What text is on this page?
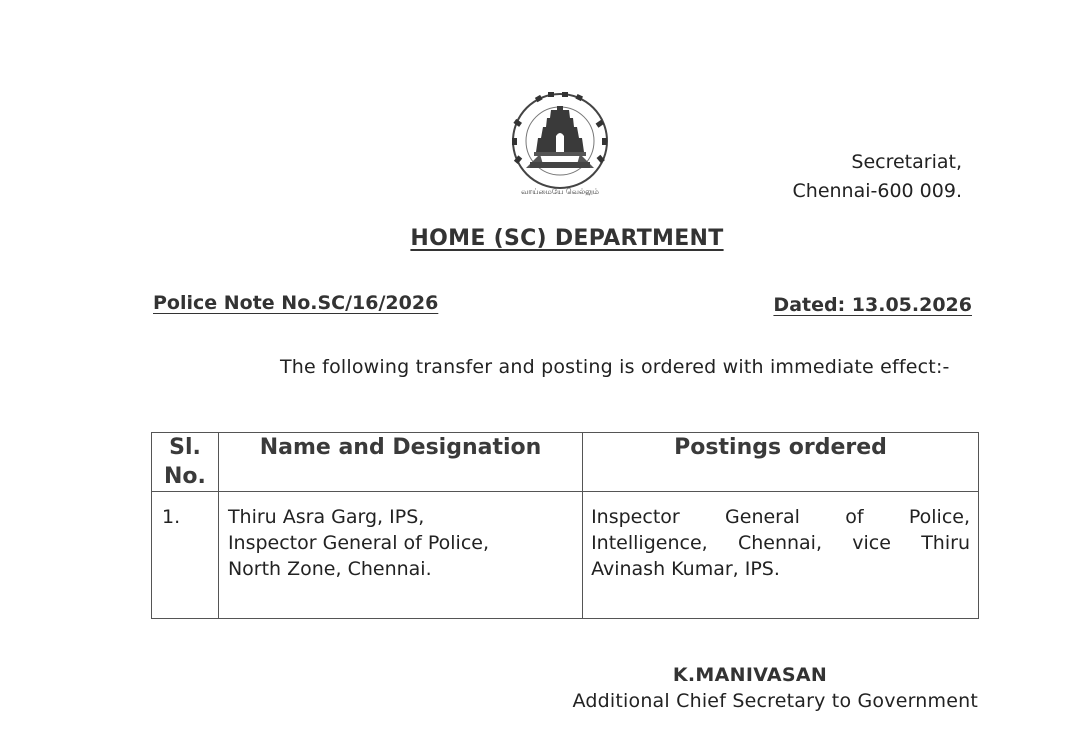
வாய்மையே வெல்லும்
Secretariat,
Chennai-600 009.
HOME (SC) DEPARTMENT
Police Note No.SC/16/2026	Dated: 13.05.2026
The following transfer and posting is ordered with immediate effect:-
Sl.
No.	Name and Designation	Postings ordered
1.	Thiru Asra Garg, IPS,
Inspector General of Police,
North Zone, Chennai.	Inspector General of Police, Intelligence, Chennai, vice Thiru Avinash Kumar, IPS.
K.MANIVASAN
Additional Chief Secretary to Government
